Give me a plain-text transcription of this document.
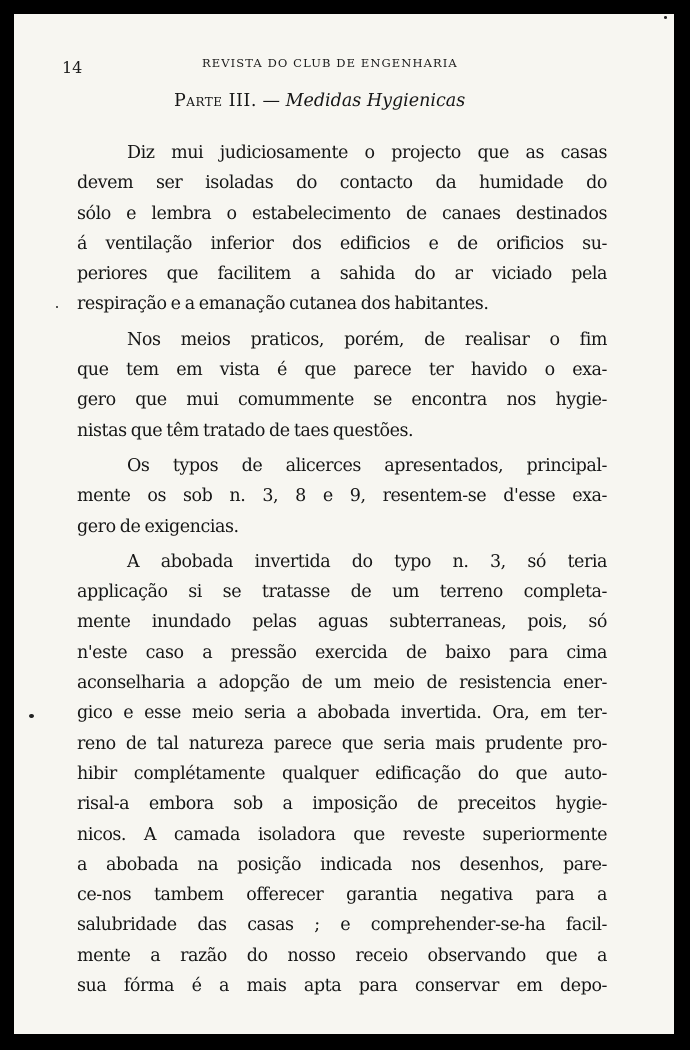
14	REVISTA DO CLUB DE ENGENHARIA
Parte III. — Medidas Hygienicas
Diz mui judiciosamente o projecto que as casas
devem ser isoladas do contacto da humidade do
sólo e lembra o estabelecimento de canaes destinados
á ventilação inferior dos edificios e de orificios su-
periores que facilitem a sahida do ar viciado pela
respiração e a emanação cutanea dos habitantes.
Nos meios praticos, porém, de realisar o fim
que tem em vista é que parece ter havido o exa-
gero que mui comummente se encontra nos hygie-
nistas que têm tratado de taes questões.
Os typos de alicerces apresentados, principal-
mente os sob n. 3, 8 e 9, resentem-se d'esse exa-
gero de exigencias.
A abobada invertida do typo n. 3, só teria
applicação si se tratasse de um terreno completa-
mente inundado pelas aguas subterraneas, pois, só
n'este caso a pressão exercida de baixo para cima
aconselharia a adopção de um meio de resistencia ener-
gico e esse meio seria a abobada invertida. Ora, em ter-
reno de tal natureza parece que seria mais prudente pro-
hibir complétamente qualquer edificação do que auto-
risal-a embora sob a imposição de preceitos hygie-
nicos. A camada isoladora que reveste superiormente
a abobada na posição indicada nos desenhos, pare-
ce-nos tambem offerecer garantia negativa para a
salubridade das casas ; e comprehender-se-ha facil-
mente a razão do nosso receio observando que a
sua fórma é a mais apta para conservar em depo-
